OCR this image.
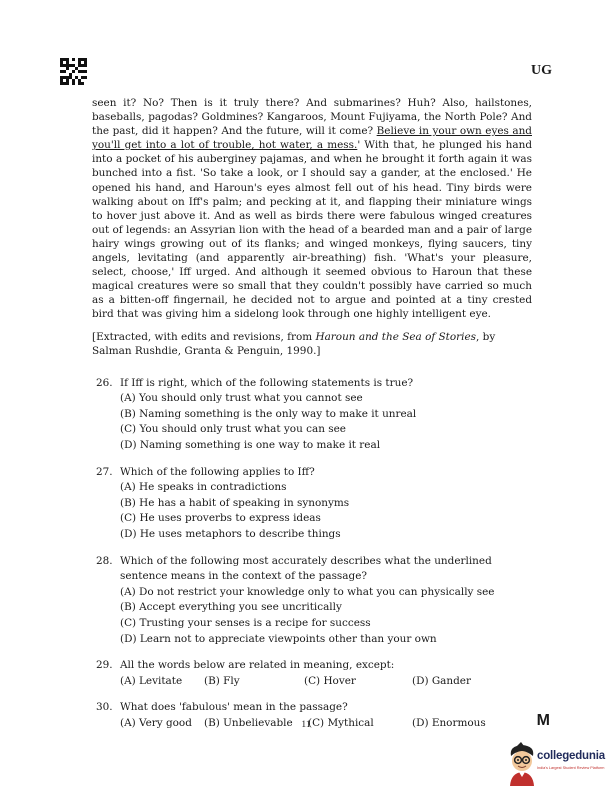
UG

seen it? No? Then is it truly there? And submarines? Huh? Also, hailstones, baseballs, pagodas? Goldmines? Kangaroos, Mount Fujiyama, the North Pole? And the past, did it happen? And the future, will it come? Believe in your own eyes and you'll get into a lot of trouble, hot water, a mess.' With that, he plunged his hand into a pocket of his auberginey pajamas, and when he brought it forth again it was bunched into a fist. 'So take a look, or I should say a gander, at the enclosed.' He opened his hand, and Haroun's eyes almost fell out of his head. Tiny birds were walking about on Iff's palm; and pecking at it, and flapping their miniature wings to hover just above it. And as well as birds there were fabulous winged creatures out of legends: an Assyrian lion with the head of a bearded man and a pair of large hairy wings growing out of its flanks; and winged monkeys, flying saucers, tiny angels, levitating (and apparently air-breathing) fish. 'What's your pleasure, select, choose,' Iff urged. And although it seemed obvious to Haroun that these magical creatures were so small that they couldn't possibly have carried so much as a bitten-off fingernail, he decided not to argue and pointed at a tiny crested bird that was giving him a sidelong look through one highly intelligent eye.

[Extracted, with edits and revisions, from Haroun and the Sea of Stories, by Salman Rushdie, Granta & Penguin, 1990.]

26. If Iff is right, which of the following statements is true?
(A) You should only trust what you cannot see
(B) Naming something is the only way to make it unreal
(C) You should only trust what you can see
(D) Naming something is one way to make it real
27. Which of the following applies to Iff?
(A) He speaks in contradictions
(B) He has a habit of speaking in synonyms
(C) He uses proverbs to express ideas
(D) He uses metaphors to describe things
28. Which of the following most accurately describes what the underlined sentence means in the context of the passage?
(A) Do not restrict your knowledge only to what you can physically see
(B) Accept everything you see uncritically
(C) Trusting your senses is a recipe for success
(D) Learn not to appreciate viewpoints other than your own
29. All the words below are related in meaning, except:
(A) Levitate	(B) Fly	(C) Hover	(D) Gander
30. What does 'fabulous' mean in the passage?
(A) Very good	(B) Unbelievable	(C) Mythical	(D) Enormous
11	M
collegedunia
India's Largest Student Review Platform
